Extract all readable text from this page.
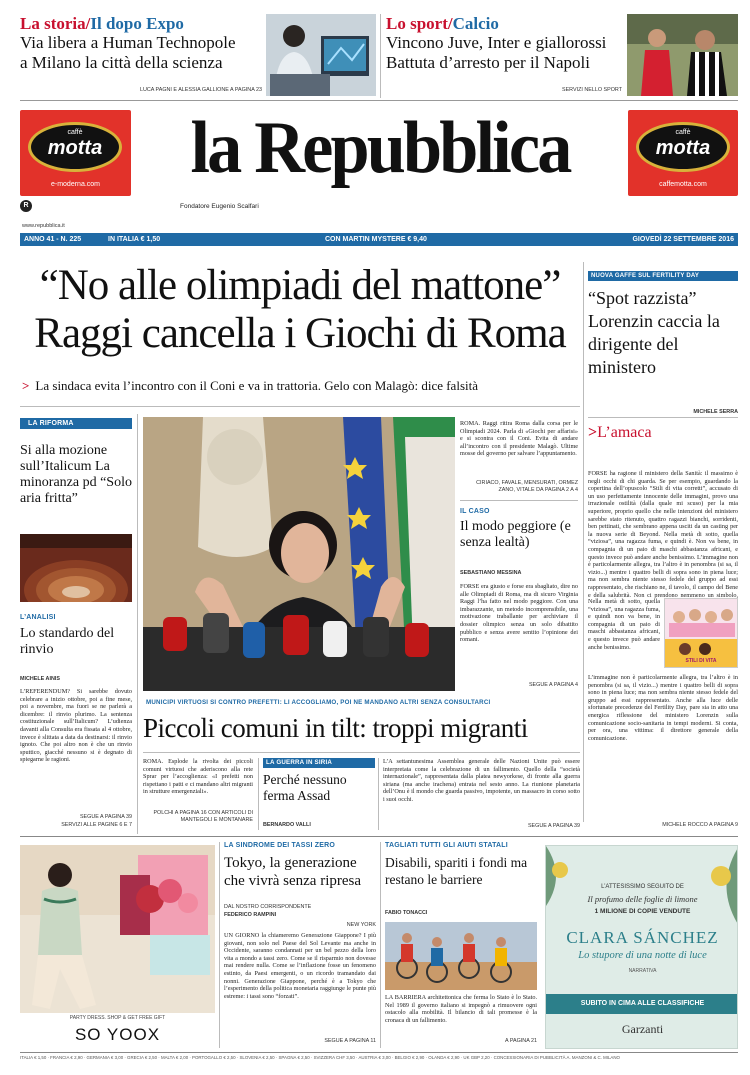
La storia/Il dopo Expo
Via libera a Human Technopole
a Milano la città della scienza
LUCA PAGNI E ALESSIA GALLIONE A PAGINA 23
Lo sport/Calcio
Vincono Juve, Inter e giallorossi
Battuta d’arresto per il Napoli
SERVIZI NELLO SPORT
caffè
motta
e-moderna.com	la Repubblica
Fondatore Eugenio Scalfari
R
www.repubblica.it
caffè
motta
caffemotta.com
ANNO 41 - N. 225	IN ITALIA € 1,50	CON MARTIN MYSTERE € 9,40	GIOVEDÌ 22 SETTEMBRE 2016
“No alle olimpiadi del mattone”
Raggi cancella i Giochi di Roma
> La sindaca evita l’incontro con il Coni e va in trattoria. Gelo con Malagò: dice falsità
LA RIFORMA
Si alla mozione sull’Italicum La minoranza pd “Solo aria fritta”
L’ANALISI
Lo standardo del rinvio
MICHELE AINIS
L’REFERENDUM? Si sarebbe dovuto celebrare a inizio ottobre, poi a fine mese, poi a novembre, ma fuori se ne parlerà a dicembre: il rinvio plurimo. La sentenza costituzionale sull’Italicum? L’udienza davanti alla Consulta era fissata al 4 ottobre, invece è slittata a data da destinarsi: il rinvio ignoto. Che poi altro non è che un rinvio sputtico, giacché nessuno si è degnato di spiegarne le ragioni.
SEGUE A PAGINA 39
SERVIZI ALLE PAGINE 6 E 7
ROMA. Raggi ritira Roma dalla corsa per le Olimpiadi 2024. Parla di «Giochi per affarisi» e si scontra con il Coni. Evita di andare all’incontro con il presidente Malagò. Ultime mosse del governo per salvare l’appuntamento.
CIRIACO, FAVALE, MENSURATI, ORMEZ ZANO, VITALE DA PAGINA 2 A 4
IL CASO
Il modo peggiore (e senza lealtà)
SEBASTIANO MESSINA
FORSE era giusto e forse era sbagliato, dire no alle Olimpiadi di Roma, ma di sicuro Virginia Raggi l’ha fatto nel modo peggiore. Con una imbarazzante, un metodo incomprensibile, una motivazione traballante per archiviare il dossier olimpico senza un solo dibattito pubblico e senza avere sentito l’opinione dei romani.
SEGUE A PAGINA 4
NUOVA GAFFE SUL FERTILITY DAY
“Spot razzista” Lorenzin caccia la dirigente del ministero
MICHELE SERRA
>L’amaca
FORSE ha ragione il ministero della Sanità: il massimo è negli occhi di chi guarda. Se per esempio, guardando la copertina dell’opuscolo “Stili di vita corretti”, accusato di un uso perfettamente innocente delle immagini, provo una irrazionale ostilità (dalla quale mi scuso) per la mia superiore, proprio quello che nelle intenzioni del ministero sarebbe stato ritenuto, quattro ragazzi bianchi, sorridenti, ben pettinati, che sembrano appena usciti da un casting per la nuova serie di Beyond. Nella metà di sotto, quella “viziosa”, una ragazza fuma, e quindi è. Non va bene, in compagnia di un paio di maschi abbastanza africani, e questo invece può andare anche benissimo. L’immagine non è particolarmente allegra, tra l’altro è in penombra (si sa, il vizio...) mentre i quattro belli di sopra sono in piena luce; ma non sembra niente stesso fedele del gruppo ad essi rappresentato, che rischiano ne, il tavolo, il campo del Bene e della salubrità. Non ci prendono nemmeno un simbolo,
Nella metà di sotto, quella “viziosa”, una ragazza fuma, e quindi non va bene, in compagnia di un paio di maschi abbastanza africani, e questo invece può andare anche benissimo.
STILI DI VITA
L’immagine non è particolarmente allegra, tra l’altro è in penombra (si sa, il vizio...) mentre i quattro belli di sopra sono in piena luce; ma non sembra niente stesso fedele del gruppo ad essi rappresentato. Anche alla luce delle sfortunate precedenze del Fertility Day, pare sia in atto una energica riflessione del ministero Lorenzin sulla comunicazione socio-sanitaria in tempi moderni. Si conta, per ora, una vittima: il direttore generale della comunicazione.
MICHELE ROCCO A PAGINA 9
MUNICIPI VIRTUOSI SI CONTRO PREFETTI: LI ACCOGLIAMO, POI NE MANDANO ALTRI SENZA CONSULTARCI
Piccoli comuni in tilt: troppi migranti
ROMA. Esplode la rivolta dei piccoli comuni virtuosi che aderiscono alla rete Sprar per l’accoglienza: «I prefetti non rispettano i patti e ci mandano altri migranti in strutture emergenziali».
POLCHI A PAGINA 16 CON ARTICOLI DI MANTEGOLI E MONTANARE
LA GUERRA IN SIRIA
Perché nessuno ferma Assad
BERNARDO VALLI
L’A settantunesima Assemblea generale delle Nazioni Unite può essere interpretata come la celebrazione di un fallimento. Quello della “società internazionale”, rappresentata dalla platea newyorkese, di fronte alla guerra siriana (ma anche irachena) entrata nel sesto anno. La riunione planetaria dell’Onu è il mondo che guarda passivo, impotente, un massacro in corso sotto i suoi occhi.
SEGUE A PAGINA 39
PARTY DRESS. SHOP & GET FREE GIFT
SO YOOX
LA SINDROME DEI TASSI ZERO
Tokyo, la generazione che vivrà senza ripresa
DAL NOSTRO CORRISPONDENTE
FEDERICO RAMPINI
NEW YORK
UN GIORNO la chiameremo Generazione Giappone? I più giovani, non solo nel Paese del Sol Levante ma anche in Occidente, saranno condannati per un bel pezzo della loro vita a mondo a tassi zero. Come se il risparmio non dovesse mai rendere nulla. Come se l’inflazione fosse un fenomeno estinto, da Paesi emergenti, o un ricordo tramandato dai nonni. Generazione Giappone, perché è a Tokyo che l’esperimento della politica monetaria raggiunge le punte più estreme: i tassi sono “forzati”.
SEGUE A PAGINA 11
TAGLIATI TUTTI GLI AIUTI STATALI
Disabili, spariti i fondi ma restano le barriere
FABIO TONACCI
LA BARRIERA architettonica che ferma lo Stato è lo Stato. Nel 1989 il governo italiano si impegnò a rimuovere ogni ostacolo alla mobilità. Il bilancio di tali promesse è la cronaca di un fallimento.
A PAGINA 21
L’ATTESISSIMO SEGUITO DE
Il profumo delle foglie di limone
1 MILIONE DI COPIE VENDUTE
CLARA SÁNCHEZ
Lo stupore di una notte di luce
NARRATIVA
SUBITO IN CIMA ALLE CLASSIFICHE
Garzanti
ITALIA € 1,50 · FRANCIA € 2,90 · GERMANIA € 3,00 · GRECIA € 2,50 · MALTA € 2,00 · PORTOGALLO € 2,50 · SLOVENIA € 2,50 · SPAGNA € 2,50 · SVIZZERA CHF 3,50 · AUSTRIA € 3,00 · BELGIO € 2,90 · OLANDA € 2,90 · UK GBP 2,20 · CONCESSIONARIA DI PUBBLICITÀ A. MANZONI & C. MILANO
